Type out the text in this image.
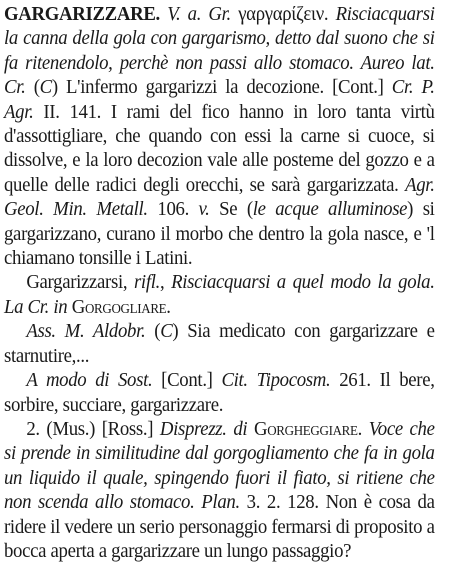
GARGARIZZARE. V. a. Gr. γαργαρίζειν. Risciacquarsi la canna della gola con gargarismo, detto dal suono che si fa ritenendolo, perchè non passi allo stomaco. Aureo lat. Cr. (C) L'infermo gargarizzi la decozione. [Cont.] Cr. P. Agr. II. 141. I rami del fico hanno in loro tanta virtù d'assottigliare, che quando con essi la carne si cuoce, si dissolve, e la loro decozion vale alle posteme del gozzo e a quelle delle radici degli orecchi, se sarà gargarizzata. Agr. Geol. Min. Metall. 106. v. Se (le acque alluminose) si gargarizzano, curano il morbo che dentro la gola nasce, e 'l chiamano tonsille i Latini.

Gargarizzarsi, rifl., Risciacquarsi a quel modo la gola. La Cr. in Gorgogliare.

Ass. M. Aldobr. (C) Sia medicato con gargarizzare e starnutire,...

A modo di Sost. [Cont.] Cit. Tipocosm. 261. Il bere, sorbire, succiare, gargarizzare.

2. (Mus.) [Ross.] Disprezz. di Gorgheggiare. Voce che si prende in similitudine dal gorgogliamento che fa in gola un liquido il quale, spingendo fuori il fiato, si ritiene che non scenda allo stomaco. Plan. 3. 2. 128. Non è cosa da ridere il vedere un serio personaggio fermarsi di proposito a bocca aperta a gargarizzare un lungo passaggio?
